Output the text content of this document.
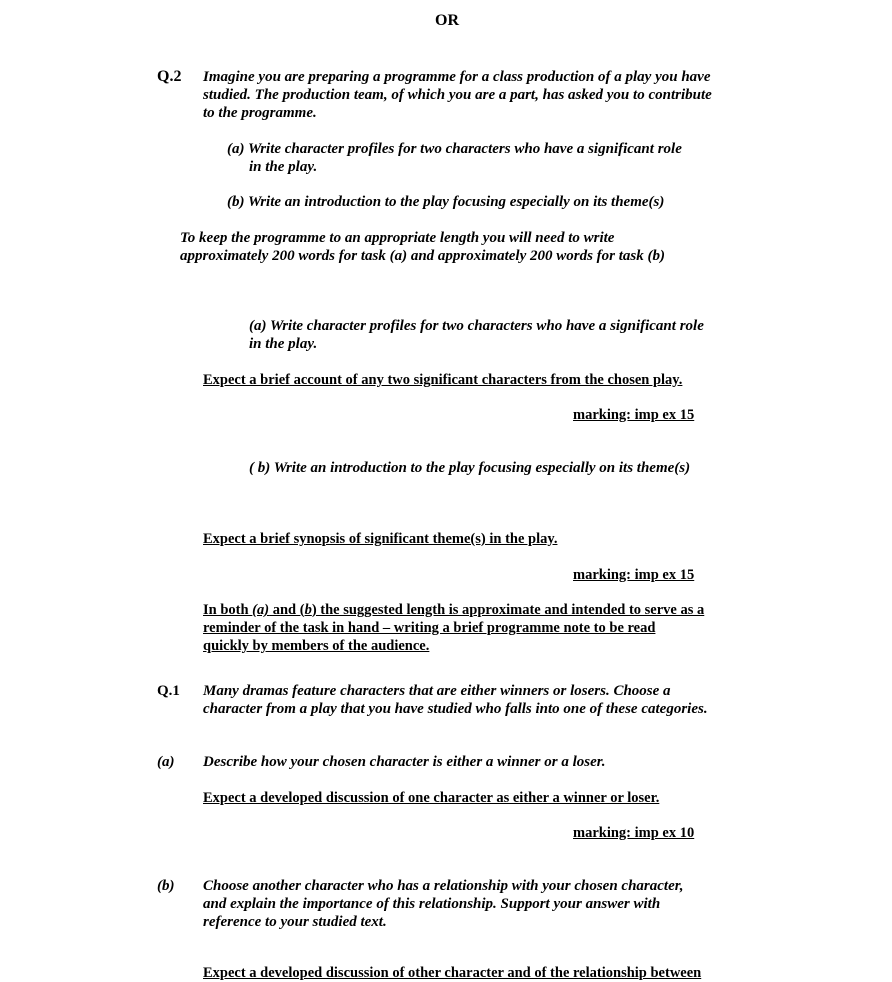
OR
Q.2 Imagine you are preparing a programme for a class production of a play you have
studied. The production team, of which you are a part, has asked you to contribute
to the programme.
(a) Write character profiles for two characters who have a significant role
in the play.
(b) Write an introduction to the play focusing especially on its theme(s)
To keep the programme to an appropriate length you will need to write
approximately 200 words for task (a) and approximately 200 words for task (b)
(a) Write character profiles for two characters who have a significant role
in the play.
Expect a brief account of any two significant characters from the chosen play.
marking: imp ex 15
( b) Write an introduction to the play focusing especially on its theme(s)
Expect a brief synopsis of significant theme(s) in the play.
marking: imp ex 15
In both (a) and (b) the suggested length is approximate and intended to serve as a
reminder of the task in hand – writing a brief programme note to be read
quickly by members of the audience.
Q.1 Many dramas feature characters that are either winners or losers. Choose a
character from a play that you have studied who falls into one of these categories.
(a) Describe how your chosen character is either a winner or a loser.
Expect a developed discussion of one character as either a winner or loser.
marking: imp ex 10
(b) Choose another character who has a relationship with your chosen character,
and explain the importance of this relationship. Support your answer with
reference to your studied text.
Expect a developed discussion of other character and of the relationship between
